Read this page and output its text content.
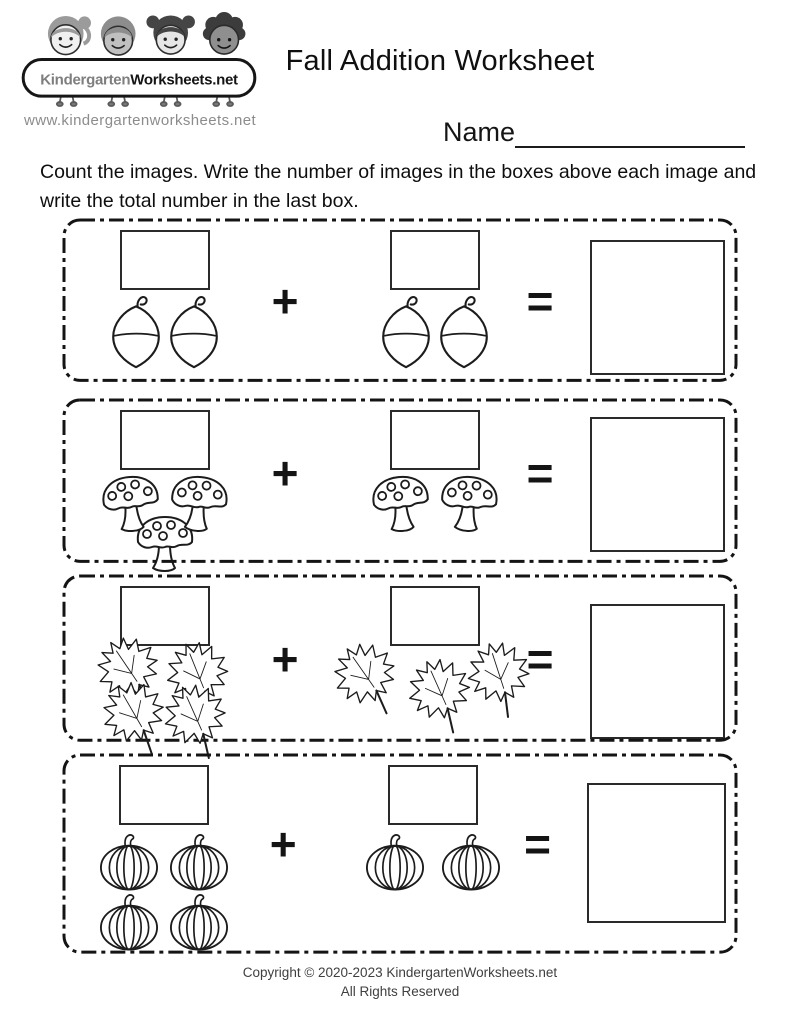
KindergartenWorksheets.net
www.kindergartenworksheets.net
Fall Addition Worksheet
Name

Count the images. Write the number of images in the boxes above each image and write the total number in the last box.

+	=
+	=
+	=
+	=
Copyright © 2020-2023 KindergartenWorksheets.net
All Rights Reserved
